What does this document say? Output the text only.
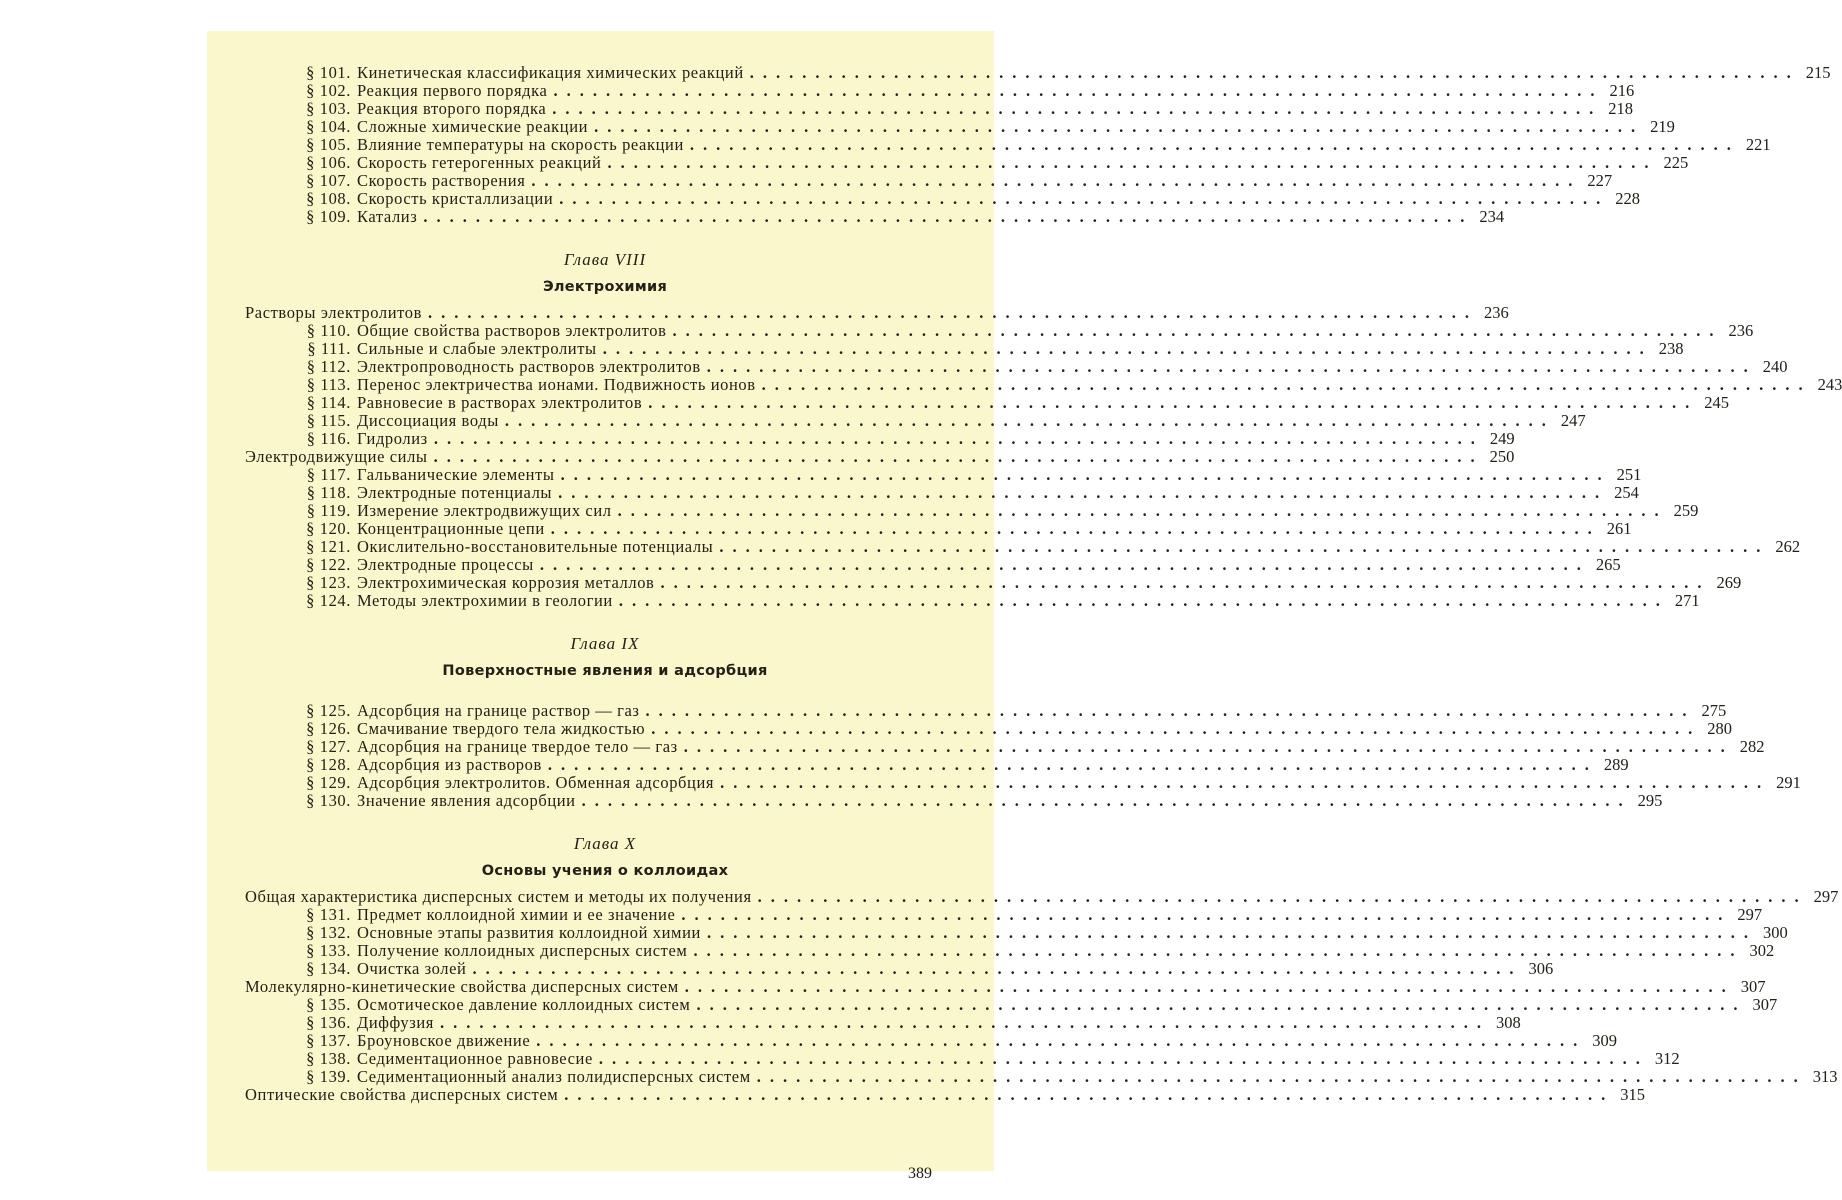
§ 101. Кинетическая классификация химических реакций ................................................................................ 215
§ 102. Реакция первого порядка ................................................................................ 216
§ 103. Реакция второго порядка ................................................................................ 218
§ 104. Сложные химические реакции ................................................................................ 219
§ 105. Влияние температуры на скорость реакции ................................................................................ 221
§ 106. Скорость гетерогенных реакций ................................................................................ 225
§ 107. Скорость растворения ................................................................................ 227
§ 108. Скорость кристаллизации ................................................................................ 228
§ 109. Катализ ................................................................................ 234
Глава VIII
Электрохимия
Растворы электролитов ................................................................................ 236
§ 110. Общие свойства растворов электролитов ................................................................................ 236
§ 111. Сильные и слабые электролиты ................................................................................ 238
§ 112. Электропроводность растворов электролитов ................................................................................ 240
§ 113. Перенос электричества ионами. Подвижность ионов ................................................................................ 243
§ 114. Равновесие в растворах электролитов ................................................................................ 245
§ 115. Диссоциация воды ................................................................................ 247
§ 116. Гидролиз ................................................................................ 249
Электродвижущие силы ................................................................................ 250
§ 117. Гальванические элементы ................................................................................ 251
§ 118. Электродные потенциалы ................................................................................ 254
§ 119. Измерение электродвижущих сил ................................................................................ 259
§ 120. Концентрационные цепи ................................................................................ 261
§ 121. Окислительно-восстановительные потенциалы ................................................................................ 262
§ 122. Электродные процессы ................................................................................ 265
§ 123. Электрохимическая коррозия металлов ................................................................................ 269
§ 124. Методы электрохимии в геологии ................................................................................ 271
Глава IX
Поверхностные явления и адсорбция
§ 125. Адсорбция на границе раствор — газ ................................................................................ 275
§ 126. Смачивание твердого тела жидкостью ................................................................................ 280
§ 127. Адсорбция на границе твердое тело — газ ................................................................................ 282
§ 128. Адсорбция из растворов ................................................................................ 289
§ 129. Адсорбция электролитов. Обменная адсорбция ................................................................................ 291
§ 130. Значение явления адсорбции ................................................................................ 295
Глава X
Основы учения о коллоидах
Общая характеристика дисперсных систем и методы их получения ................................................................................ 297
§ 131. Предмет коллоидной химии и ее значение ................................................................................ 297
§ 132. Основные этапы развития коллоидной химии ................................................................................ 300
§ 133. Получение коллоидных дисперсных систем ................................................................................ 302
§ 134. Очистка золей ................................................................................ 306
Молекулярно-кинетические свойства дисперсных систем ................................................................................ 307
§ 135. Осмотическое давление коллоидных систем ................................................................................ 307
§ 136. Диффузия ................................................................................ 308
§ 137. Броуновское движение ................................................................................ 309
§ 138. Седиментационное равновесие ................................................................................ 312
§ 139. Седиментационный анализ полидисперсных систем ................................................................................ 313
Оптические свойства дисперсных систем ................................................................................ 315
389
